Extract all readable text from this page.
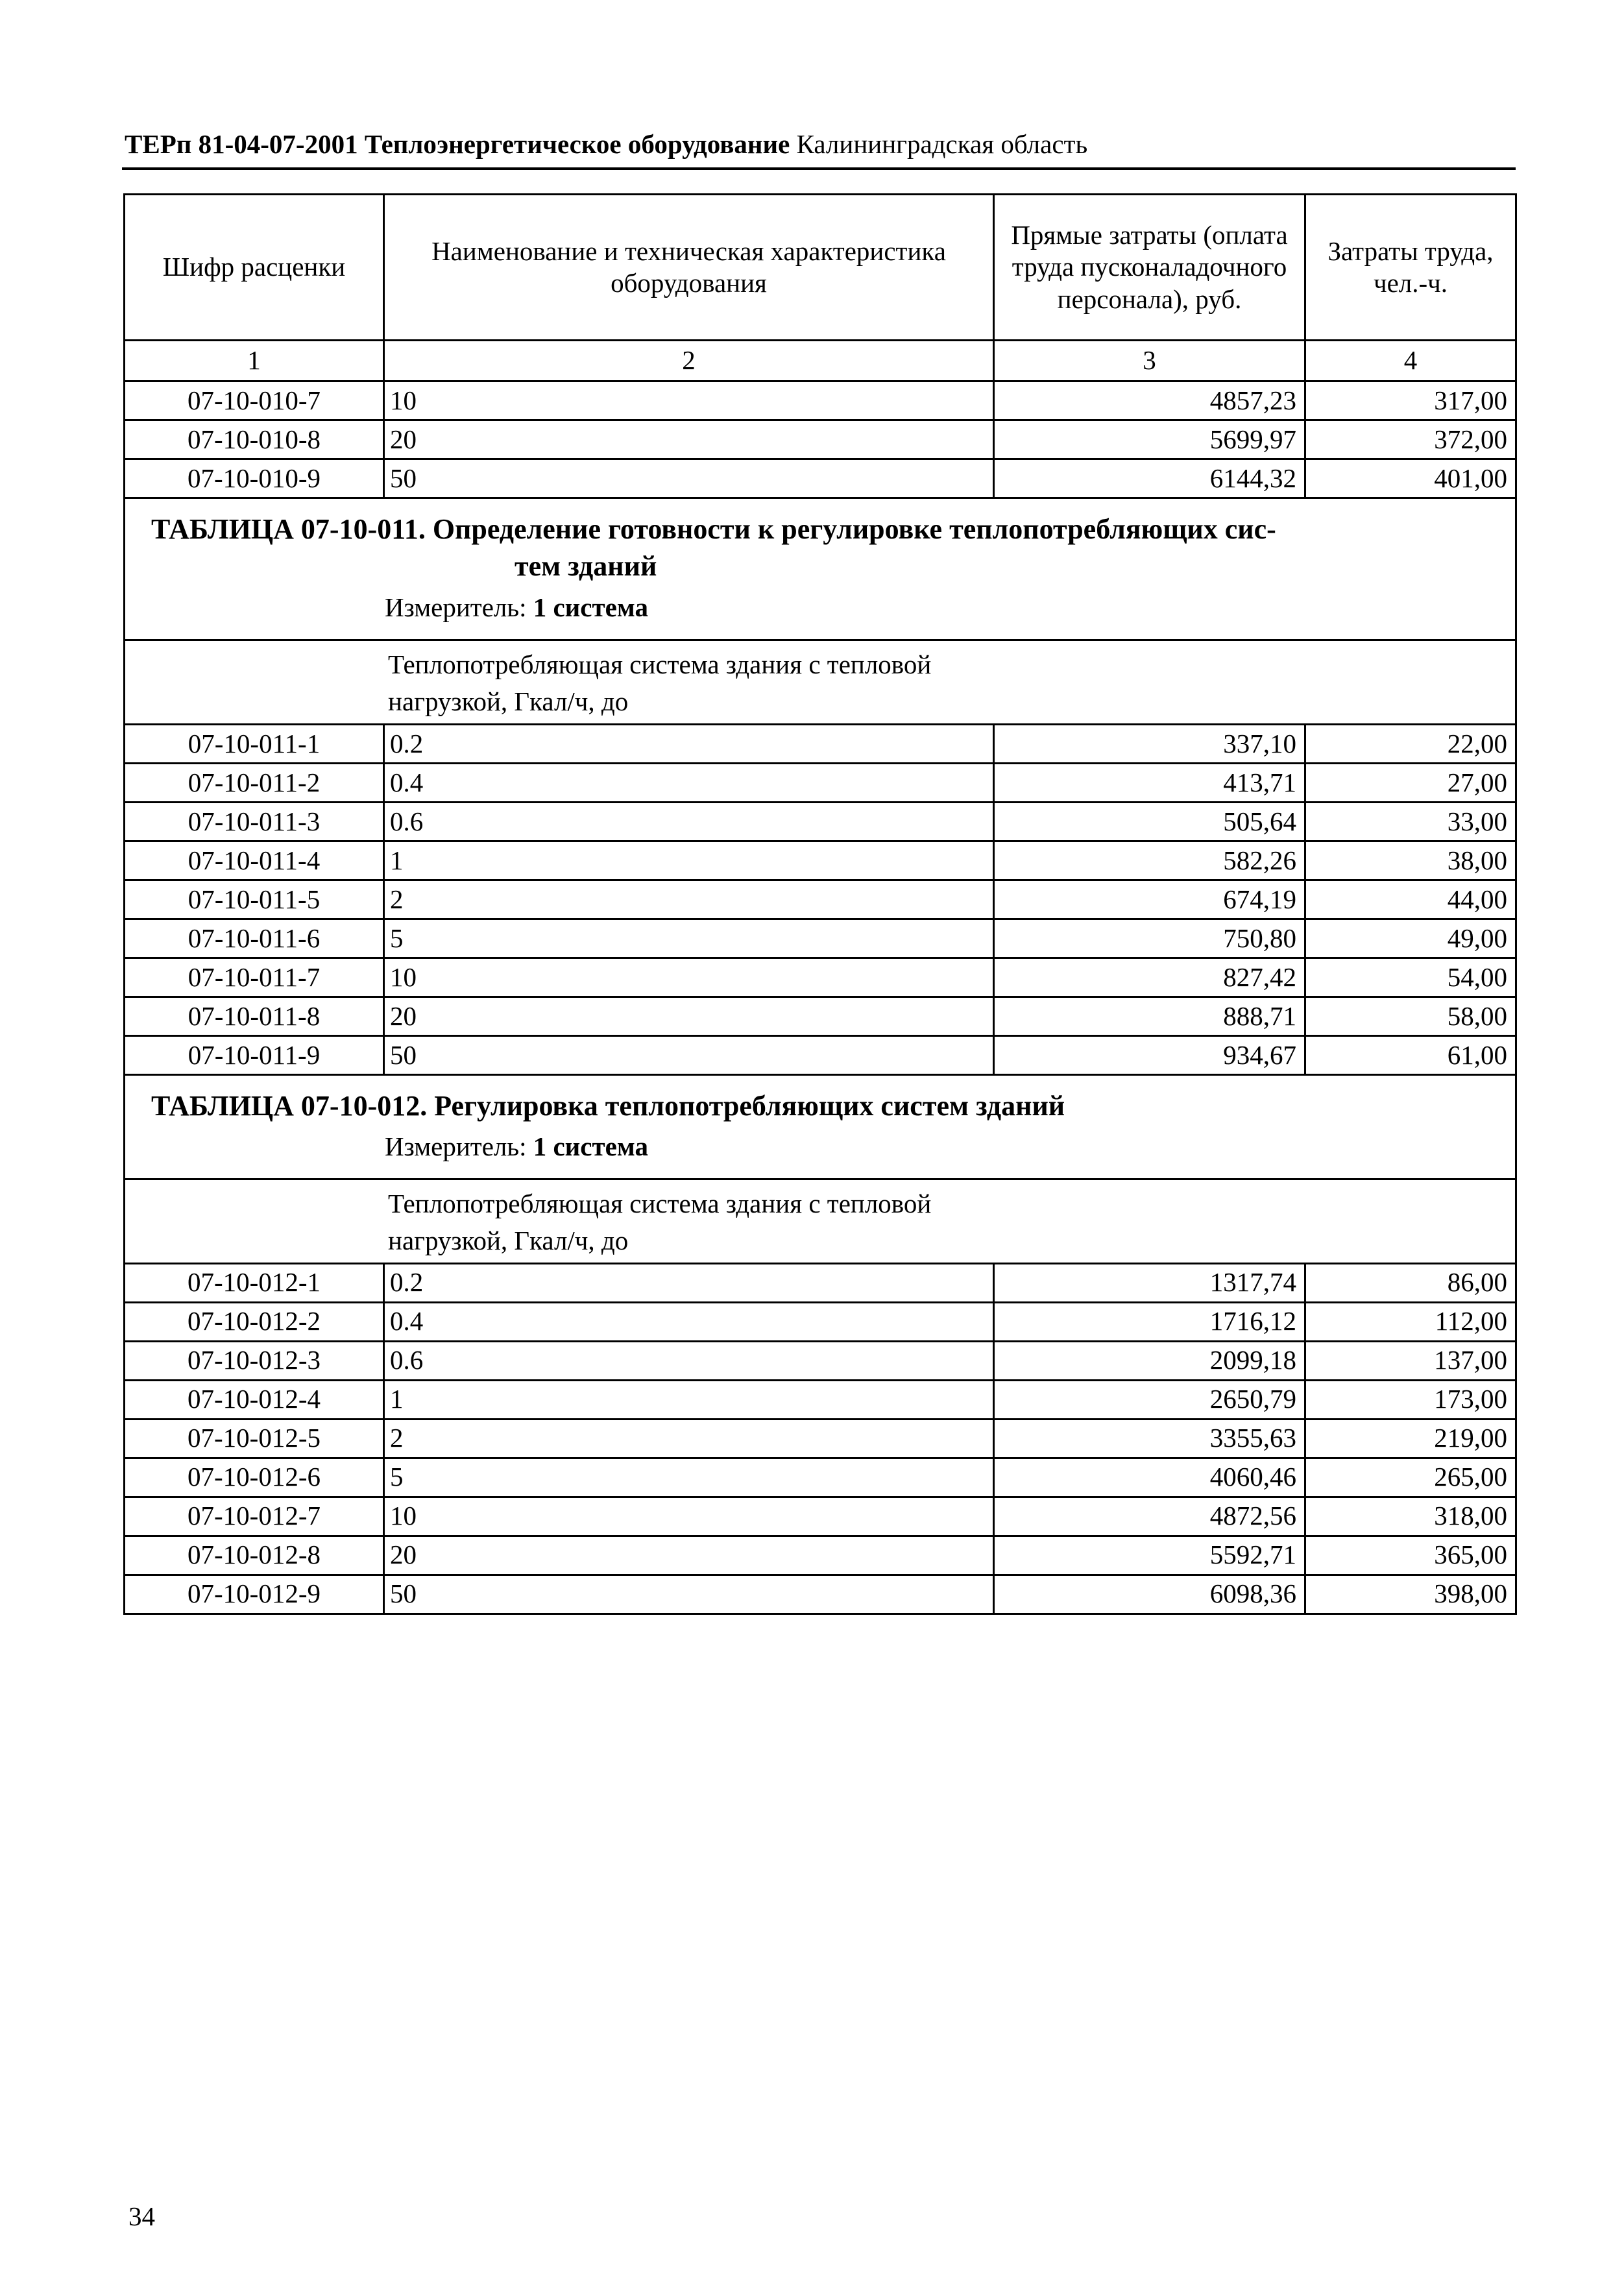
ТЕРп 81-04-07-2001 Теплоэнергетическое оборудование Калининградская область
Шифр расценки	Наименование и техническая характеристика оборудования	Прямые затраты (оплата труда пусконаладочного персонала), руб.	Затраты труда, чел.-ч.
1	2	3	4
07-10-010-7	10	4857,23	317,00
07-10-010-8	20	5699,97	372,00
07-10-010-9	50	6144,32	401,00

ТАБЛИЦА 07-10-011. Определение готовности к регулировке теплопотребляющих сис-
тем зданий
Измеритель: 1 система			

Теплопотребляющая система здания с тепловой нагрузкой, Гкал/ч, до			

07-10-011-1	0.2	337,10	22,00
07-10-011-2	0.4	413,71	27,00
07-10-011-3	0.6	505,64	33,00
07-10-011-4	1	582,26	38,00
07-10-011-5	2	674,19	44,00
07-10-011-6	5	750,80	49,00
07-10-011-7	10	827,42	54,00
07-10-011-8	20	888,71	58,00
07-10-011-9	50	934,67	61,00

ТАБЛИЦА 07-10-012. Регулировка теплопотребляющих систем зданий
Измеритель: 1 система			

Теплопотребляющая система здания с тепловой нагрузкой, Гкал/ч, до			

07-10-012-1	0.2	1317,74	86,00
07-10-012-2	0.4	1716,12	112,00
07-10-012-3	0.6	2099,18	137,00
07-10-012-4	1	2650,79	173,00
07-10-012-5	2	3355,63	219,00
07-10-012-6	5	4060,46	265,00
07-10-012-7	10	4872,56	318,00
07-10-012-8	20	5592,71	365,00
07-10-012-9	50	6098,36	398,00
34
